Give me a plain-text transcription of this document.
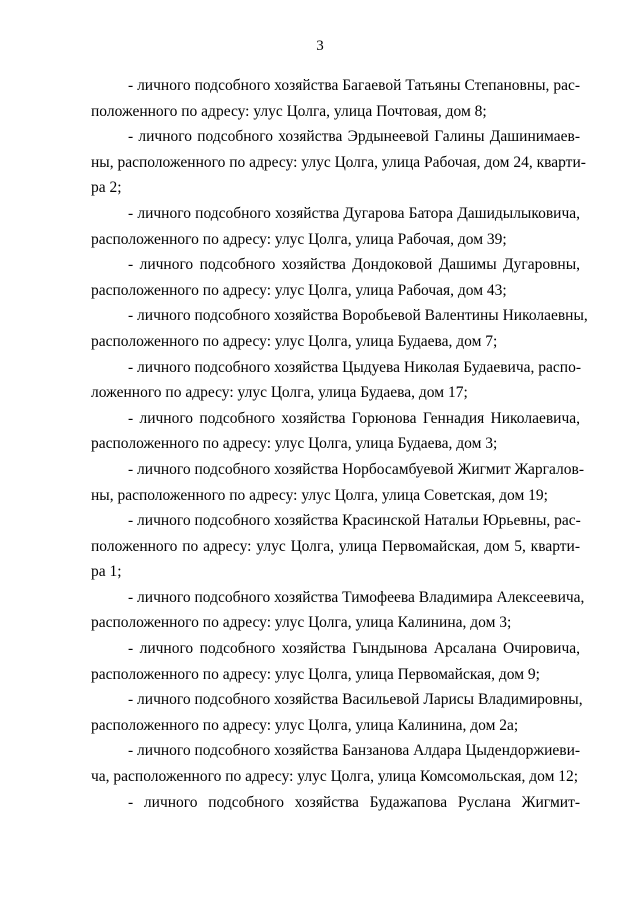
3
- личного подсобного хозяйства Багаевой Татьяны Степановны, рас-
положенного по адресу: улус Цолга, улица Почтовая, дом 8;
- личного подсобного хозяйства Эрдынеевой Галины Дашинимаев-
ны, расположенного по адресу: улус Цолга, улица Рабочая, дом 24, кварти-
ра 2;
- личного подсобного хозяйства Дугарова Батора Дашидылыковича,
расположенного по адресу: улус Цолга, улица Рабочая, дом 39;
- личного подсобного хозяйства Дондоковой Дашимы Дугаровны,
расположенного по адресу: улус Цолга, улица Рабочая, дом 43;
- личного подсобного хозяйства Воробьевой Валентины Николаевны,
расположенного по адресу: улус Цолга, улица Будаева, дом 7;
- личного подсобного хозяйства Цыдуева Николая Будаевича, распо-
ложенного по адресу: улус Цолга, улица Будаева, дом 17;
- личного подсобного хозяйства Горюнова Геннадия Николаевича,
расположенного по адресу: улус Цолга, улица Будаева, дом 3;
- личного подсобного хозяйства Норбосамбуевой Жигмит Жаргалов-
ны, расположенного по адресу: улус Цолга, улица Советская, дом 19;
- личного подсобного хозяйства Красинской Натальи Юрьевны, рас-
положенного по адресу: улус Цолга, улица Первомайская, дом 5, кварти-
ра 1;
- личного подсобного хозяйства Тимофеева Владимира Алексеевича,
расположенного по адресу: улус Цолга, улица Калинина, дом 3;
- личного подсобного хозяйства Гындынова Арсалана Очировича,
расположенного по адресу: улус Цолга, улица Первомайская, дом 9;
- личного подсобного хозяйства Васильевой Ларисы Владимировны,
расположенного по адресу: улус Цолга, улица Калинина, дом 2а;
- личного подсобного хозяйства Банзанова Алдара Цыдендоржиеви-
ча, расположенного по адресу: улус Цолга, улица Комсомольская, дом 12;
- личного подсобного хозяйства Будажапова Руслана Жигмит-
